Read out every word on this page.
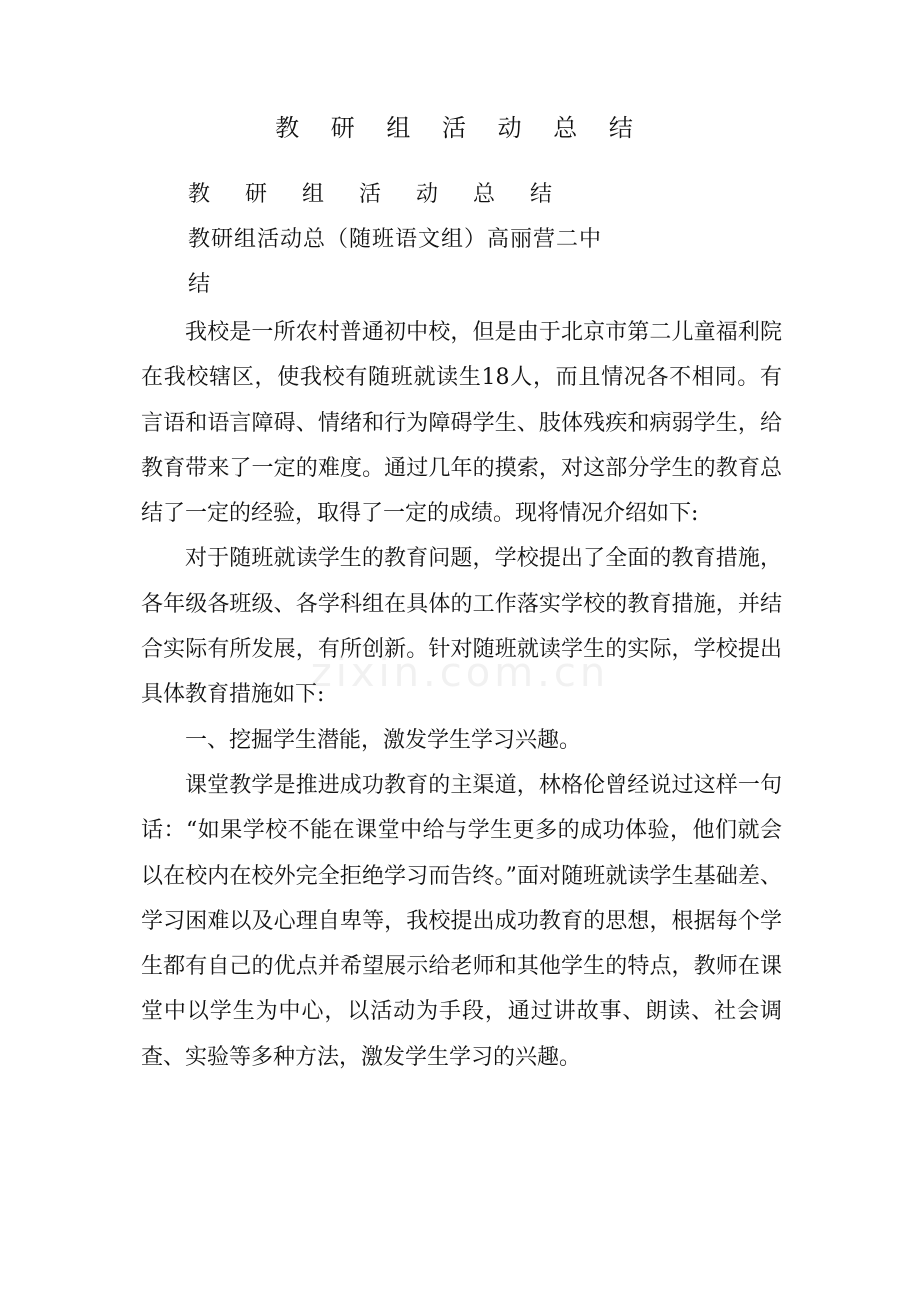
教 研 组 活 动 总 结
教 研 组 活 动 总 结
教研组活动总（随班语文组）高丽营二中
结

我校是一所农村普通初中校，但是由于北京市第二儿童福利院在我校辖区，使我校有随班就读生18人，而且情况各不相同。有言语和语言障碍、情绪和行为障碍学生、肢体残疾和病弱学生，给教育带来了一定的难度。通过几年的摸索，对这部分学生的教育总结了一定的经验，取得了一定的成绩。现将情况介绍如下:

对于随班就读学生的教育问题，学校提出了全面的教育措施，各年级各班级、各学科组在具体的工作落实学校的教育措施，并结合实际有所发展，有所创新。针对随班就读学生的实际，学校提出具体教育措施如下:

一、挖掘学生潜能，激发学生学习兴趣。

课堂教学是推进成功教育的主渠道，林格伦曾经说过这样一句话：“如果学校不能在课堂中给与学生更多的成功体验，他们就会以在校内在校外完全拒绝学习而告终。”面对随班就读学生基础差、学习困难以及心理自卑等，我校提出成功教育的思想，根据每个学生都有自己的优点并希望展示给老师和其他学生的特点，教师在课堂中以学生为中心，以活动为手段，通过讲故事、朗读、社会调查、实验等多种方法，激发学生学习的兴趣。

zixin.com.cn
